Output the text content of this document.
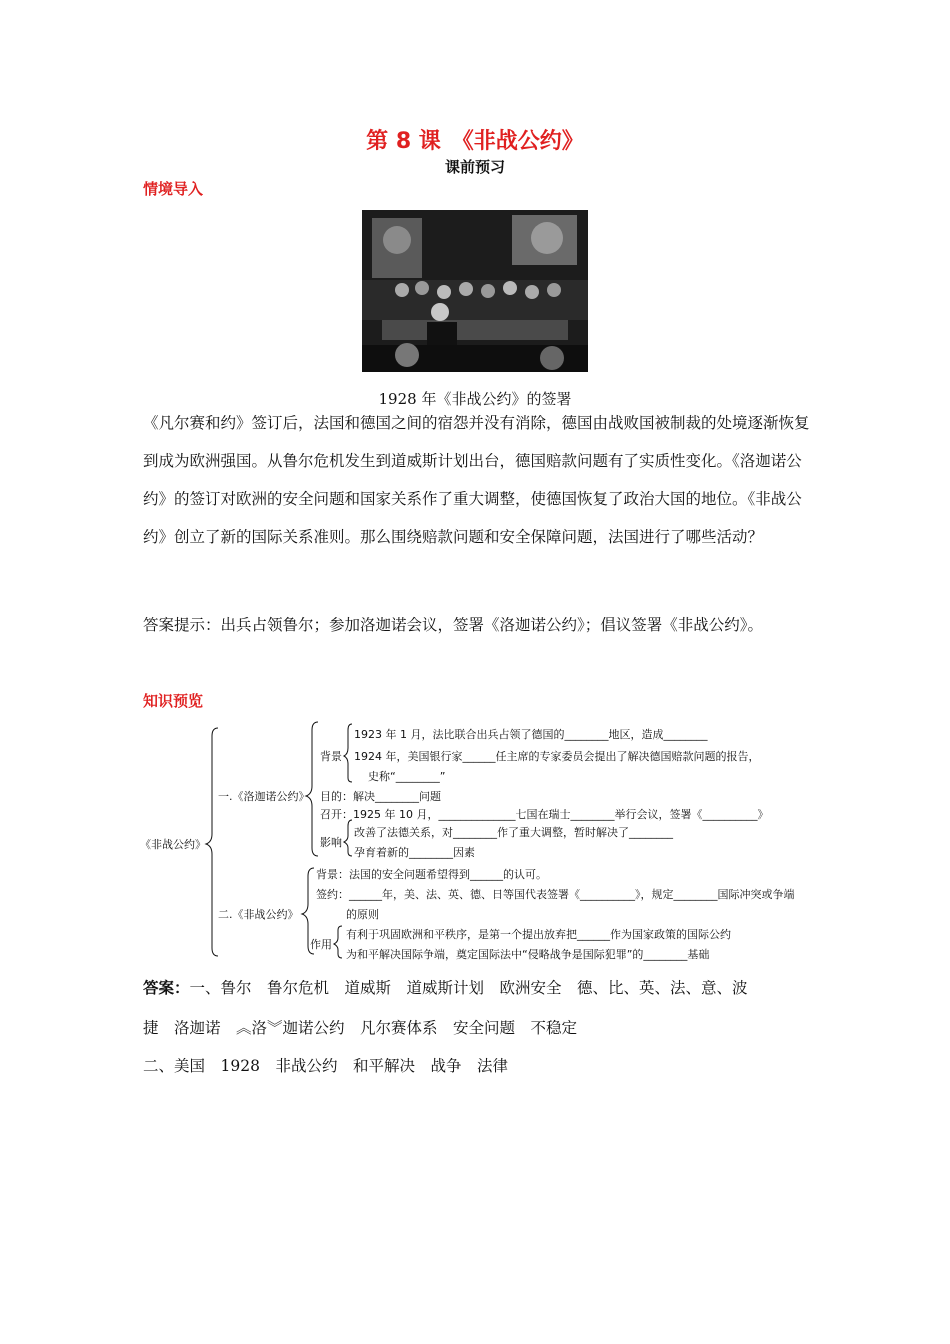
第 8 课　《非战公约》
课前预习
情境导入
1928 年《非战公约》的签署
《凡尔赛和约》签订后，法国和德国之间的宿怨并没有消除，德国由战败国被制裁的处境逐渐恢复到成为欧洲强国。从鲁尔危机发生到道威斯计划出台，德国赔款问题有了实质性变化。《洛迦诺公约》的签订对欧洲的安全问题和国家关系作了重大调整，使德国恢复了政治大国的地位。《非战公约》创立了新的国际关系准则。那么围绕赔款问题和安全保障问题，法国进行了哪些活动？
答案提示：出兵占领鲁尔；参加洛迦诺会议，签署《洛迦诺公约》；倡议签署《非战公约》。
知识预览
《非战公约》
一.《洛迦诺公约》
背景
1923 年 1 月，法比联合出兵占领了德国的________地区，造成________
1924 年，美国银行家______任主席的专家委员会提出了解决德国赔款问题的报告，
史称“________”
目的：解决________问题
召开：1925 年 10 月，______________七国在瑞士________举行会议，签署《__________》
影响
改善了法德关系，对________作了重大调整，暂时解决了________
孕育着新的________因素
二.《非战公约》
背景：法国的安全问题希望得到______的认可。
签约：______年，美、法、英、德、日等国代表签署《__________》，规定________国际冲突或争端
的原则
作用
有利于巩固欧洲和平秩序，是第一个提出放弃把______作为国家政策的国际公约
为和平解决国际争端，奠定国际法中“侵略战争是国际犯罪”的________基础
答案：一、鲁尔　鲁尔危机　道威斯　道威斯计划　欧洲安全　德、比、英、法、意、波
捷　洛迦诺　︽洛︾迦诺公约　凡尔赛体系　安全问题　不稳定
二、美国　1928　非战公约　和平解决　战争　法律
